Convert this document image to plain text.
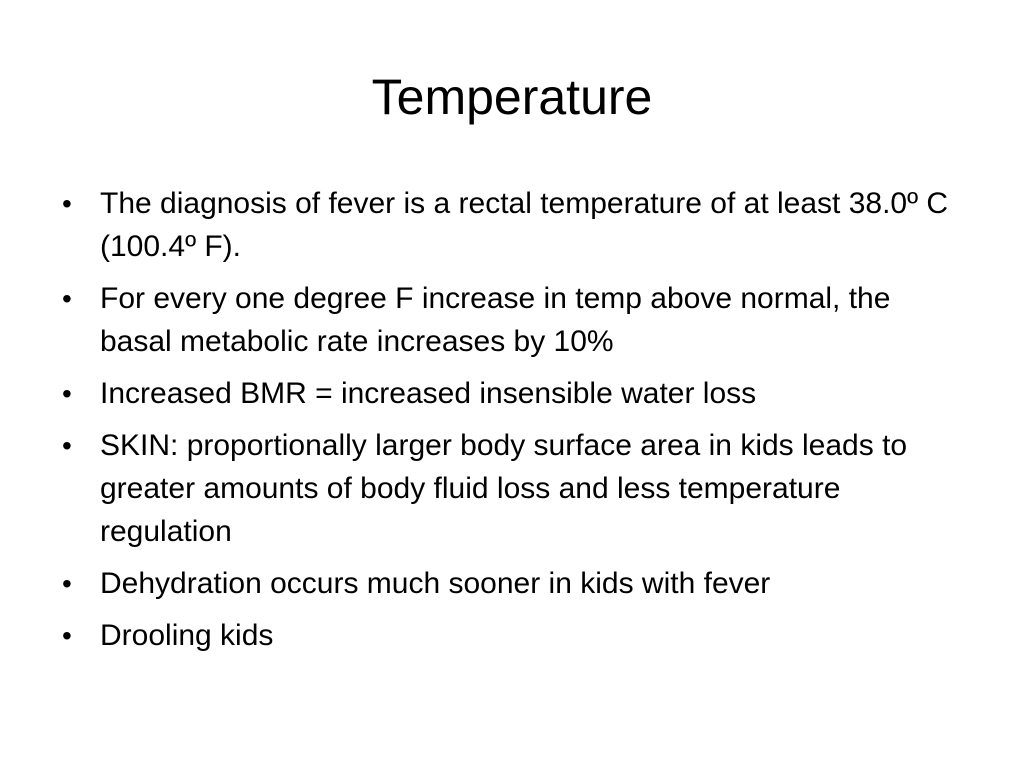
Temperature
• The diagnosis of fever is a rectal temperature of at least 38.0º C (100.4º F).
• For every one degree F increase in temp above normal, the basal metabolic rate increases by 10%
• Increased BMR = increased insensible water loss
• SKIN: proportionally larger body surface area in kids leads to greater amounts of body fluid loss and less temperature regulation
• Dehydration occurs much sooner in kids with fever
• Drooling kids
